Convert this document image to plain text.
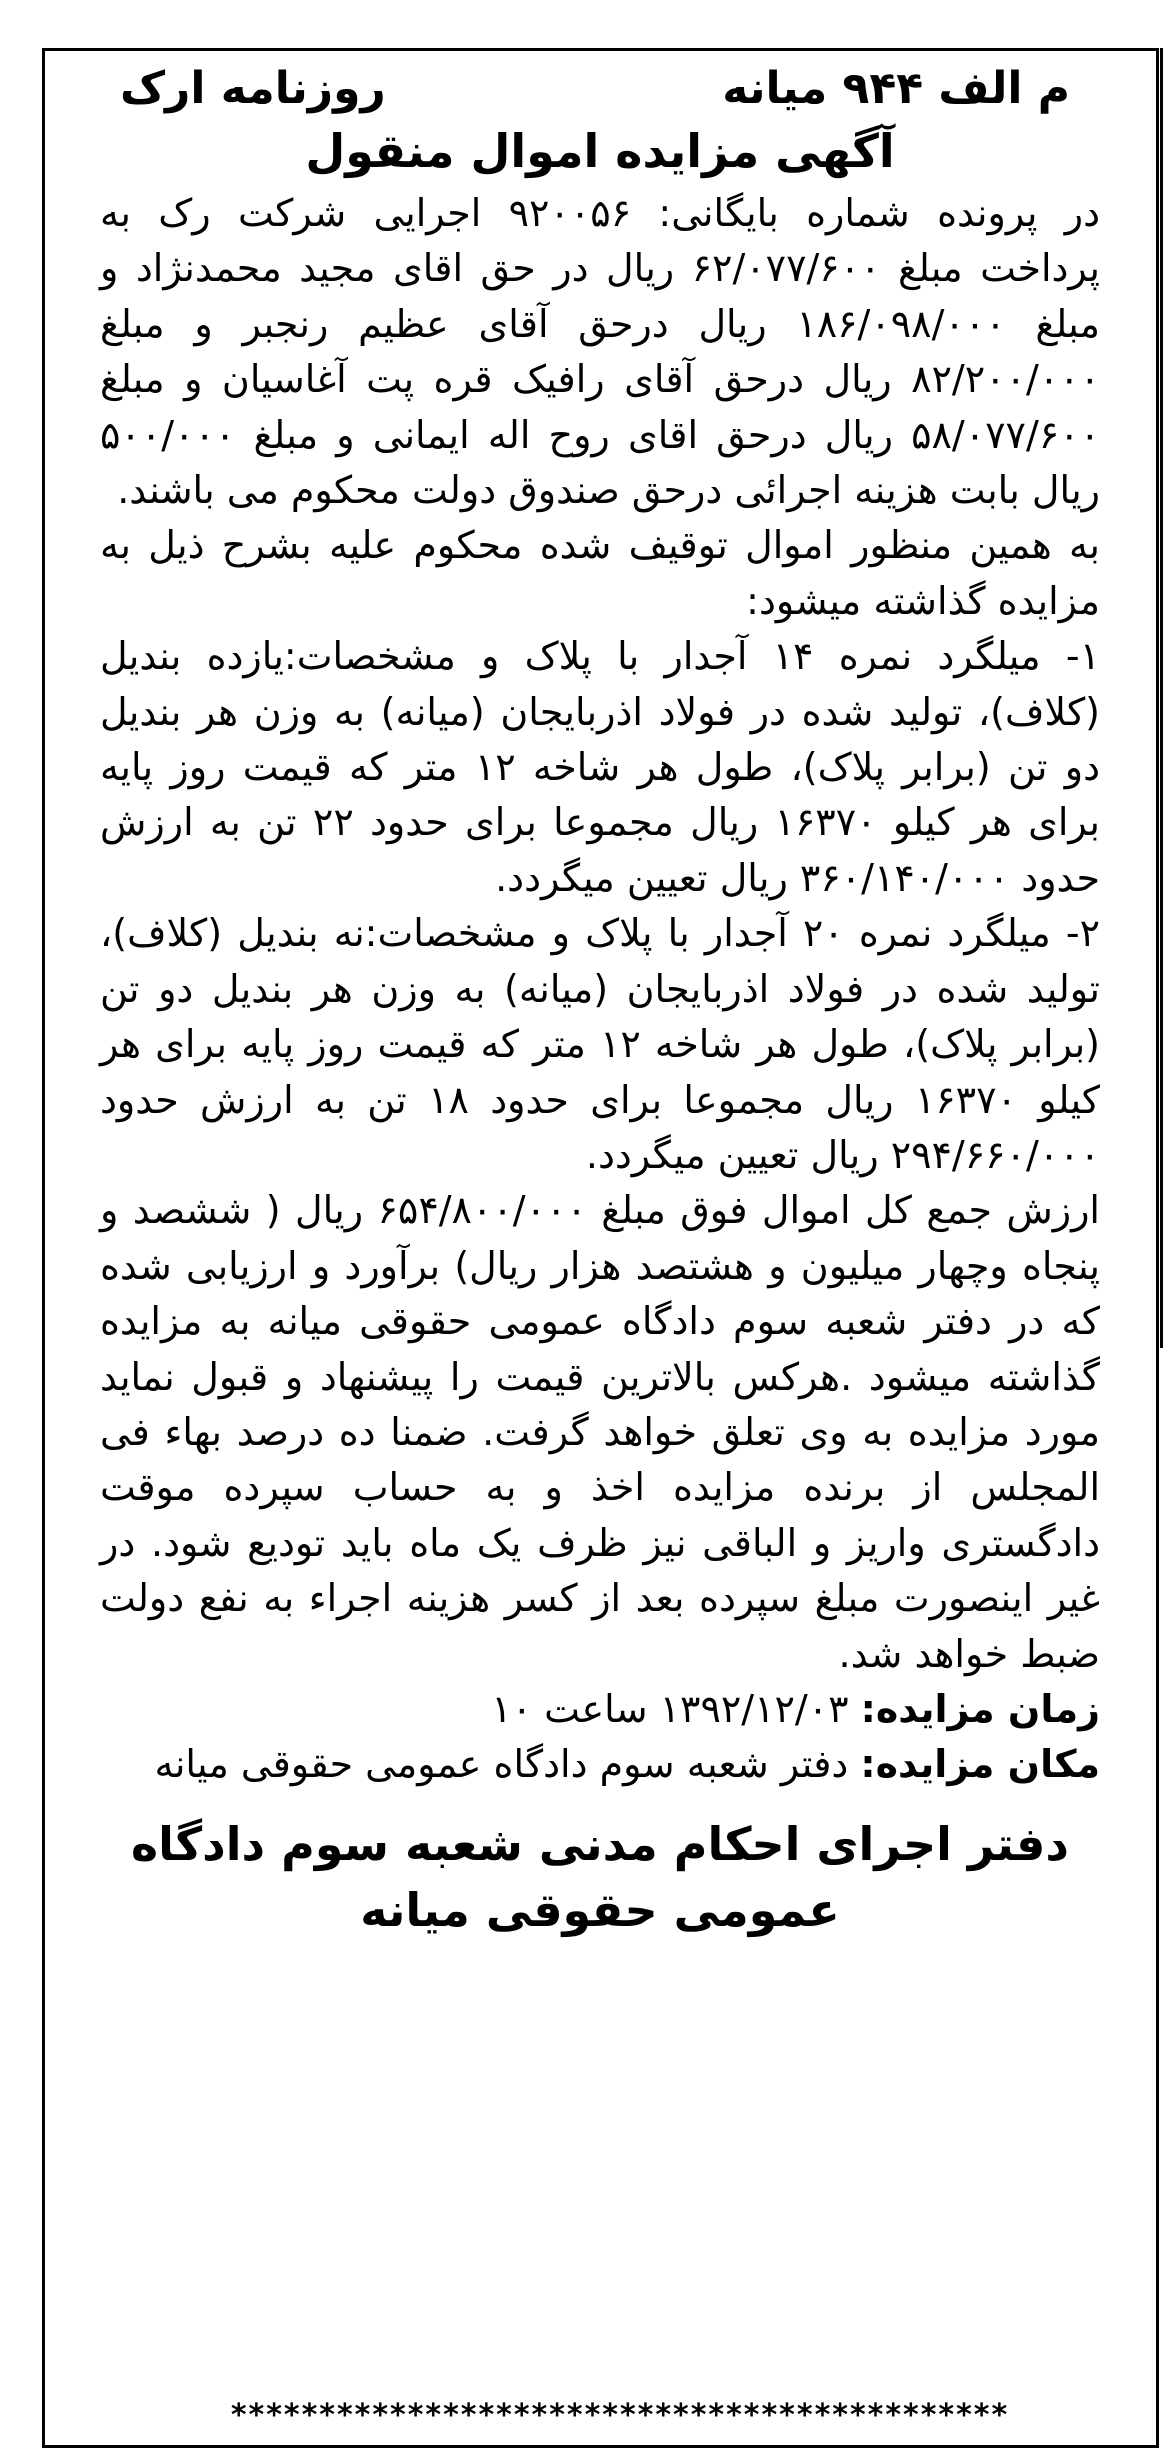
م الف ۹۴۴ میانه
روزنامه ارک
آگهی مزایده اموال منقول

در پرونده شماره بایگانی: ۹۲۰۰۵۶ اجرایی شرکت رک به پرداخت مبلغ ۶۲/۰۷۷/۶۰۰ ریال در حق اقای مجید محمدنژاد و مبلغ ۱۸۶/۰۹۸/۰۰۰ ریال درحق آقای عظیم رنجبر و مبلغ ۸۲/۲۰۰/۰۰۰ ریال درحق آقای رافیک قره پت آغاسیان و مبلغ ۵۸/۰۷۷/۶۰۰ ریال درحق اقای روح اله ایمانی و مبلغ ۵۰۰/۰۰۰ ریال بابت هزینه اجرائی درحق صندوق دولت محکوم می باشند.

به همین منظور اموال توقیف شده محکوم علیه بشرح ذیل به مزایده گذاشته میشود:

۱- میلگرد نمره ۱۴ آجدار با پلاک و مشخصات:یازده بندیل (کلاف)، تولید شده در فولاد اذربایجان (میانه) به وزن هر بندیل دو تن (برابر پلاک)، طول هر شاخه ۱۲ متر که قیمت روز پایه برای هر کیلو ۱۶۳۷۰ ریال مجموعا برای حدود ۲۲ تن به ارزش حدود ۳۶۰/۱۴۰/۰۰۰ ریال تعیین میگردد.

۲- میلگرد نمره ۲۰ آجدار با پلاک و مشخصات:نه بندیل (کلاف)، تولید شده در فولاد اذربایجان (میانه) به وزن هر بندیل دو تن (برابر پلاک)، طول هر شاخه ۱۲ متر که قیمت روز پایه برای هر کیلو ۱۶۳۷۰ ریال مجموعا برای حدود ۱۸ تن به ارزش حدود ۲۹۴/۶۶۰/۰۰۰ ریال تعیین میگردد.

ارزش جمع کل اموال فوق مبلغ ۶۵۴/۸۰۰/۰۰۰ ریال ( ششصد و پنجاه وچهار میلیون و هشتصد هزار ریال) برآورد و ارزیابی شده که در دفتر شعبه سوم دادگاه عمومی حقوقی میانه به مزایده گذاشته میشود .هرکس بالاترین قیمت را پیشنهاد و قبول نماید مورد مزایده به وی تعلق خواهد گرفت. ضمنا ده درصد بهاء فی المجلس از برنده مزایده اخذ و به حساب سپرده موقت دادگستری واریز و الباقی نیز ظرف یک ماه باید تودیع شود. در غیر اینصورت مبلغ سپرده بعد از کسر هزینه اجراء به نفع دولت ضبط خواهد شد.

زمان مزایده: ۱۳۹۲/۱۲/۰۳ ساعت ۱۰

مکان مزایده: دفتر شعبه سوم دادگاه عمومی حقوقی میانه

دفتر اجرای احکام مدنی شعبه سوم دادگاه
عمومی حقوقی میانه
********************************************
